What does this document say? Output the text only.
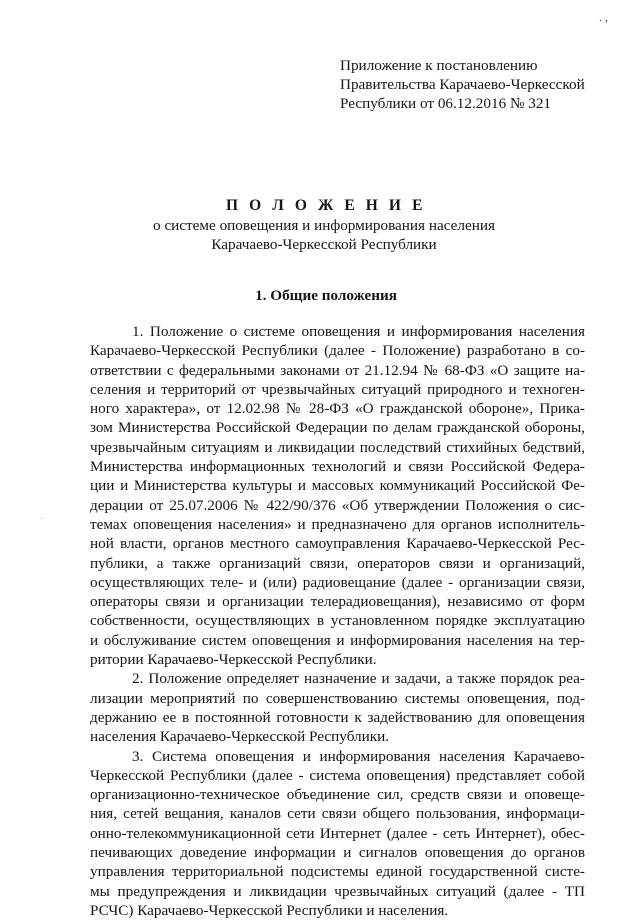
. ,
.
Приложение к постановлению
Правительства Карачаево-Черкесской
Республики от 06.12.2016 № 321
П О Л О Ж Е Н И Е
о системе оповещения и информирования населения
Карачаево-Черкесской Республики
1. Общие положения
1. Положение о системе оповещения и информирования населения
Карачаево-Черкесской Республики (далее - Положение) разработано в со-
ответствии с федеральными законами от 21.12.94 № 68-ФЗ «О защите на-
селения и территорий от чрезвычайных ситуаций природного и техноген-
ного характера», от 12.02.98 № 28-ФЗ «О гражданской обороне», Прика-
зом Министерства Российской Федерации по делам гражданской обороны,
чрезвычайным ситуациям и ликвидации последствий стихийных бедствий,
Министерства информационных технологий и связи Российской Федера-
ции и Министерства культуры и массовых коммуникаций Российской Фе-
дерации от 25.07.2006 № 422/90/376 «Об утверждении Положения о сис-
темах оповещения населения» и предназначено для органов исполнитель-
ной власти, органов местного самоуправления Карачаево-Черкесской Рес-
публики, а также организаций связи, операторов связи и организаций,
осуществляющих теле- и (или) радиовещание (далее - организации связи,
операторы связи и организации телерадиовещания), независимо от форм
собственности, осуществляющих в установленном порядке эксплуатацию
и обслуживание систем оповещения и информирования населения на тер-
ритории Карачаево-Черкесской Республики.
2. Положение определяет назначение и задачи, а также порядок реа-
лизации мероприятий по совершенствованию системы оповещения, под-
держанию ее в постоянной готовности к задействованию для оповещения
населения Карачаево-Черкесской Республики.
3. Система оповещения и информирования населения Карачаево-
Черкесской Республики (далее - система оповещения) представляет собой
организационно-техническое объединение сил, средств связи и оповеще-
ния, сетей вещания, каналов сети связи общего пользования, информаци-
онно-телекоммуникационной сети Интернет (далее - сеть Интернет), обес-
печивающих доведение информации и сигналов оповещения до органов
управления территориальной подсистемы единой государственной систе-
мы предупреждения и ликвидации чрезвычайных ситуаций (далее - ТП
РСЧС) Карачаево-Черкесской Республики и населения.
